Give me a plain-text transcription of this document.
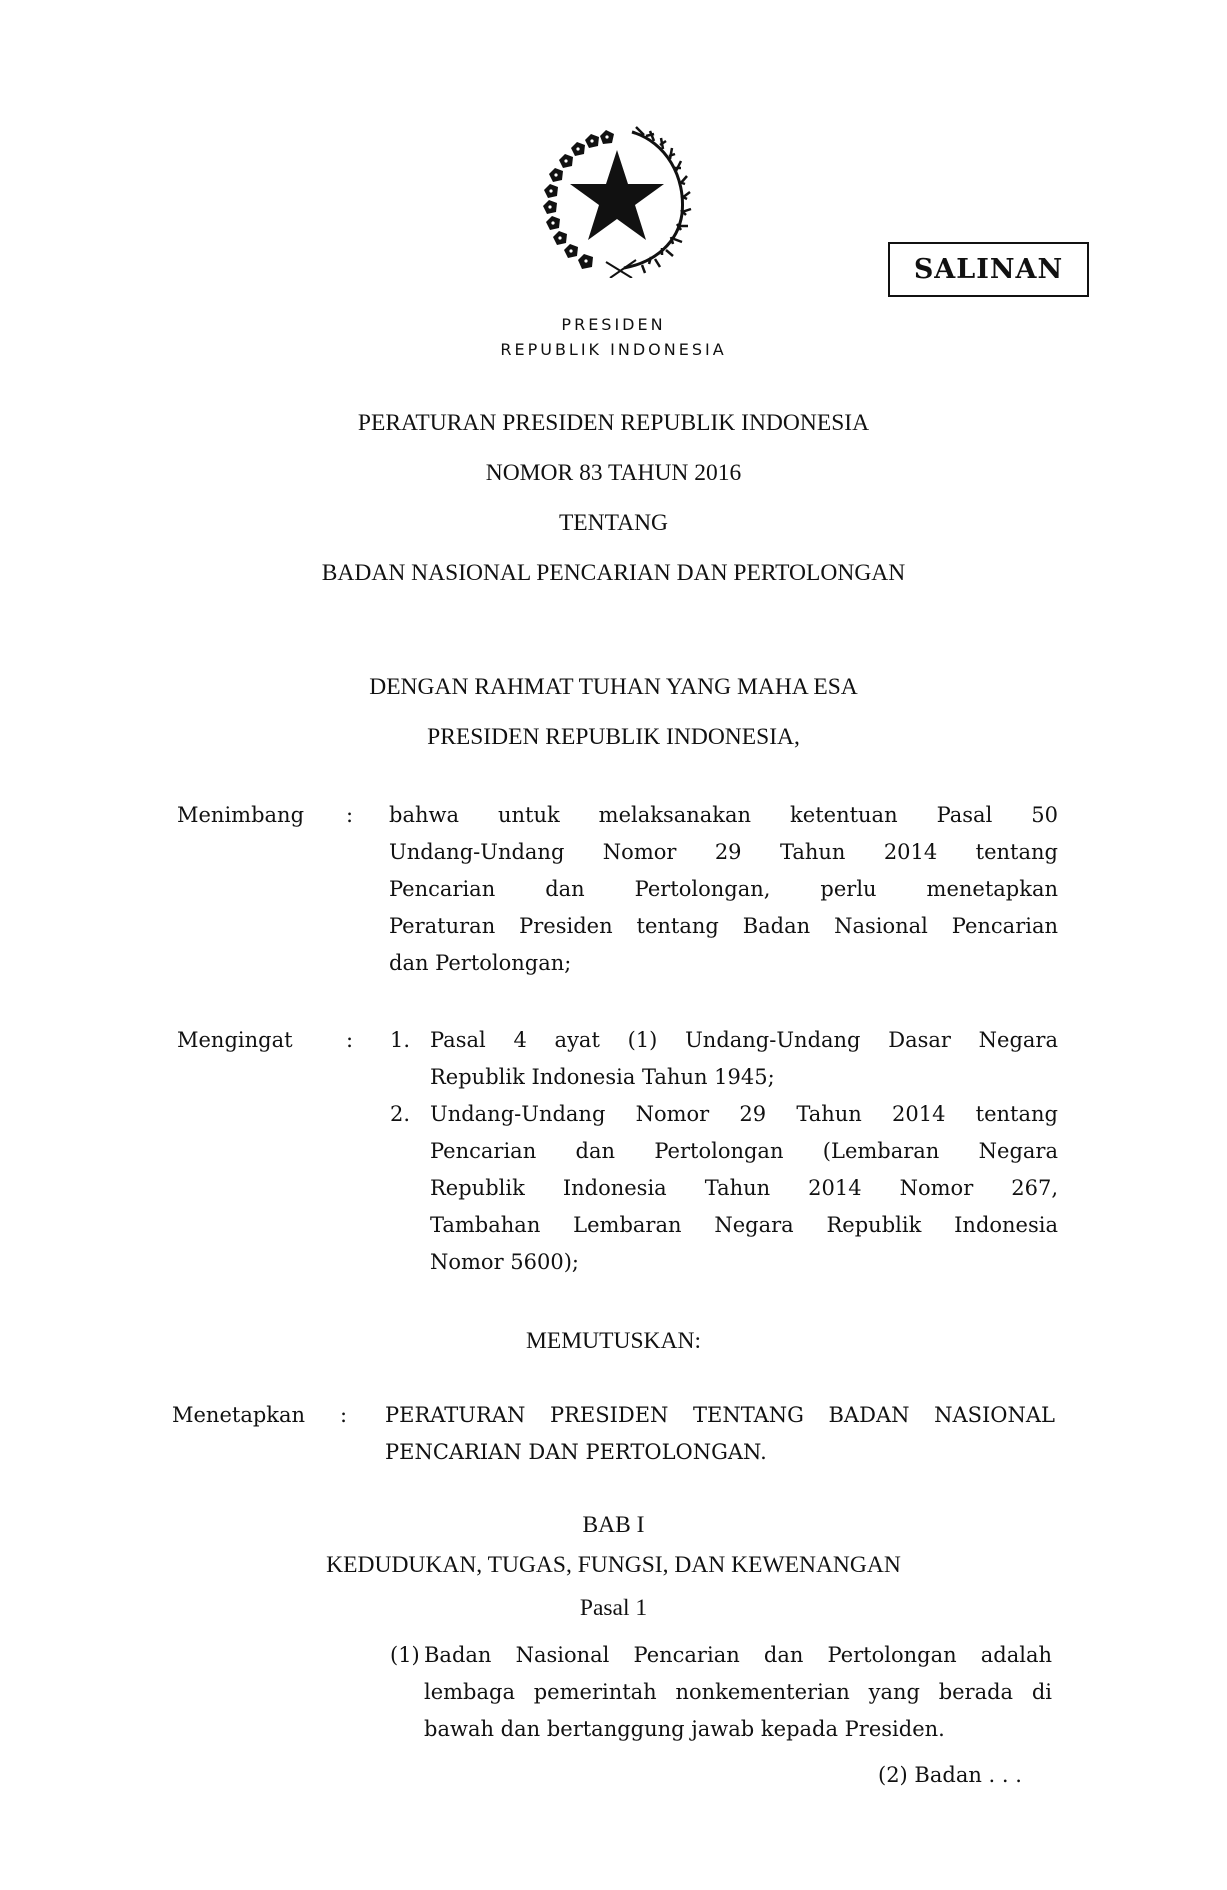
SALINAN
PRESIDEN
REPUBLIK INDONESIA
PERATURAN PRESIDEN REPUBLIK INDONESIA
NOMOR 83 TAHUN 2016
TENTANG
BADAN NASIONAL PENCARIAN DAN PERTOLONGAN
DENGAN RAHMAT TUHAN YANG MAHA ESA
PRESIDEN REPUBLIK INDONESIA,
Menimbang : bahwa untuk melaksanakan ketentuan Pasal 50
Undang-Undang Nomor 29 Tahun 2014 tentang
Pencarian dan Pertolongan, perlu menetapkan
Peraturan Presiden tentang Badan Nasional Pencarian
dan Pertolongan;
Mengingat	: 1. Pasal 4 ayat (1) Undang-Undang Dasar Negara
Republik Indonesia Tahun 1945;
2. Undang-Undang Nomor 29 Tahun 2014 tentang
Pencarian dan Pertolongan (Lembaran Negara
Republik Indonesia Tahun 2014 Nomor 267,
Tambahan Lembaran Negara Republik Indonesia
Nomor 5600);
MEMUTUSKAN:
Menetapkan : PERATURAN PRESIDEN TENTANG BADAN NASIONAL
PENCARIAN DAN PERTOLONGAN.
BAB I
KEDUDUKAN, TUGAS, FUNGSI, DAN KEWENANGAN
Pasal 1
(1) Badan Nasional Pencarian dan Pertolongan adalah
lembaga pemerintah nonkementerian yang berada di
bawah dan bertanggung jawab kepada Presiden.
(2) Badan . . .
